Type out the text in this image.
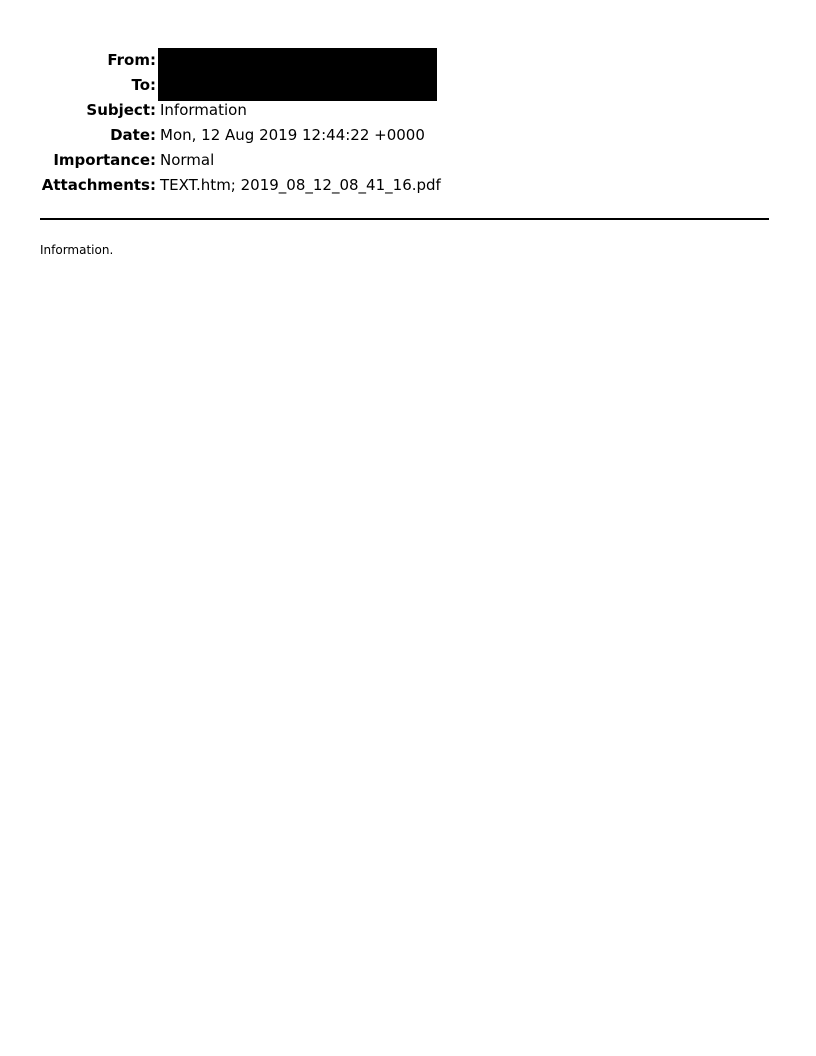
From:
To:
Subject: Information
Date: Mon, 12 Aug 2019 12:44:22 +0000
Importance: Normal
Attachments: TEXT.htm; 2019_08_12_08_41_16.pdf
Information.
